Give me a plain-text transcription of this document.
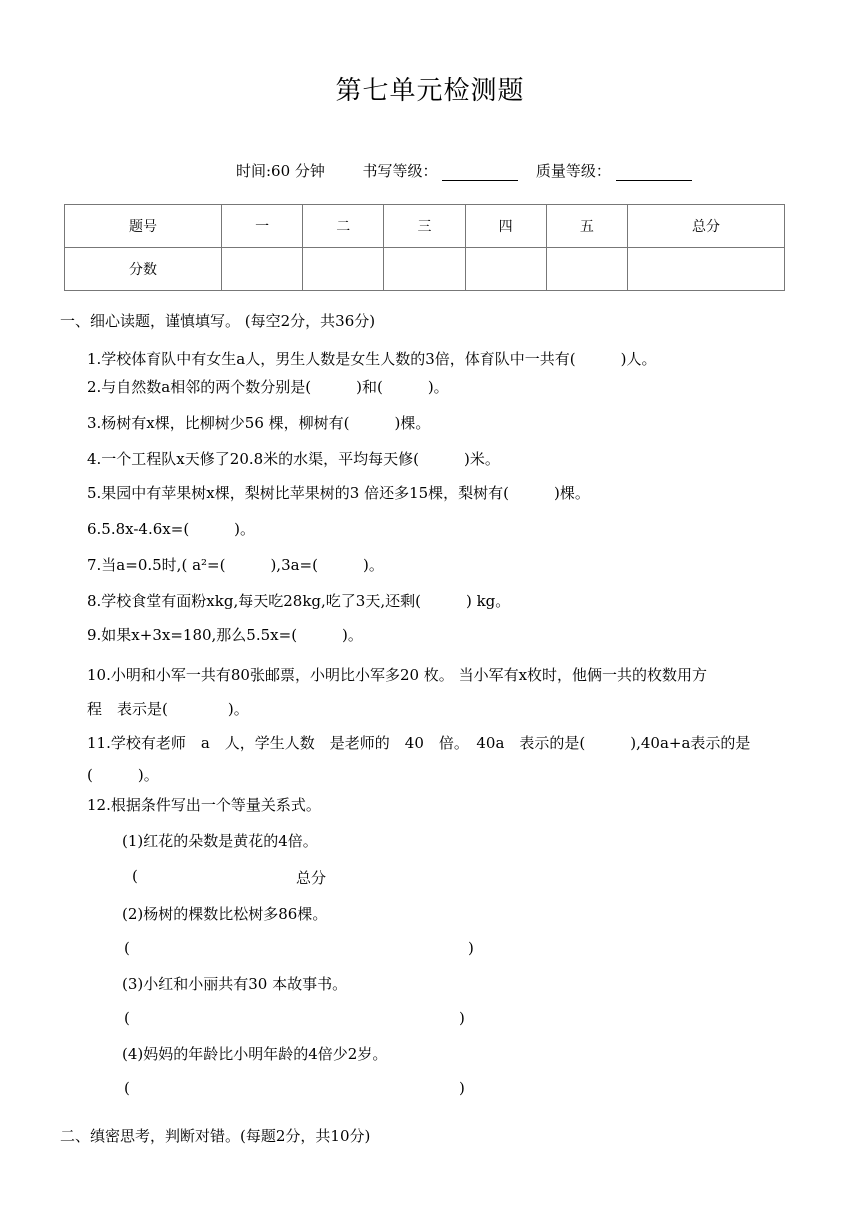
第七单元检测题
时间:60 分钟	书写等级：	质量等级：
题号	一	二	三	四	五	总分
分数						
一、细心读题，谨慎填写。 (每空2分，共36分)
1.学校体育队中有女生a人，男生人数是女生人数的3倍，体育队中一共有(　　　)人。
2.与自然数a相邻的两个数分别是(　　　)和(　　　)。
3.杨树有x棵，比柳树少56 棵，柳树有(　　　)棵。
4.一个工程队x天修了20.8米的水渠，平均每天修(　　　)米。
5.果园中有苹果树x棵，梨树比苹果树的3 倍还多15棵，梨树有(　　　)棵。
6.5.8x-4.6x=(　　　)。
7.当a=0.5时,( a²=(　　　),3a=(　　　)。
8.学校食堂有面粉xkg,每天吃28kg,吃了3天,还剩(　　　) kg。
9.如果x+3x=180,那么5.5x=(　　　)。
10.小明和小军一共有80张邮票，小明比小军多20 枚。 当小军有x枚时，他俩一共的枚数用方
程　表示是(　　　　)。
11.学校有老师　a　人，学生人数　是老师的　40　倍。　40a　表示的是(　　　),40a+a表示的是
(　　　)。
12.根据条件写出一个等量关系式。
(1)红花的朵数是黄花的4倍。
(	总分
(2)杨树的棵数比松树多86棵。
(	)
(3)小红和小丽共有30 本故事书。
(	)
(4)妈妈的年龄比小明年龄的4倍少2岁。
(	)
二、缜密思考，判断对错。(每题2分，共10分)
